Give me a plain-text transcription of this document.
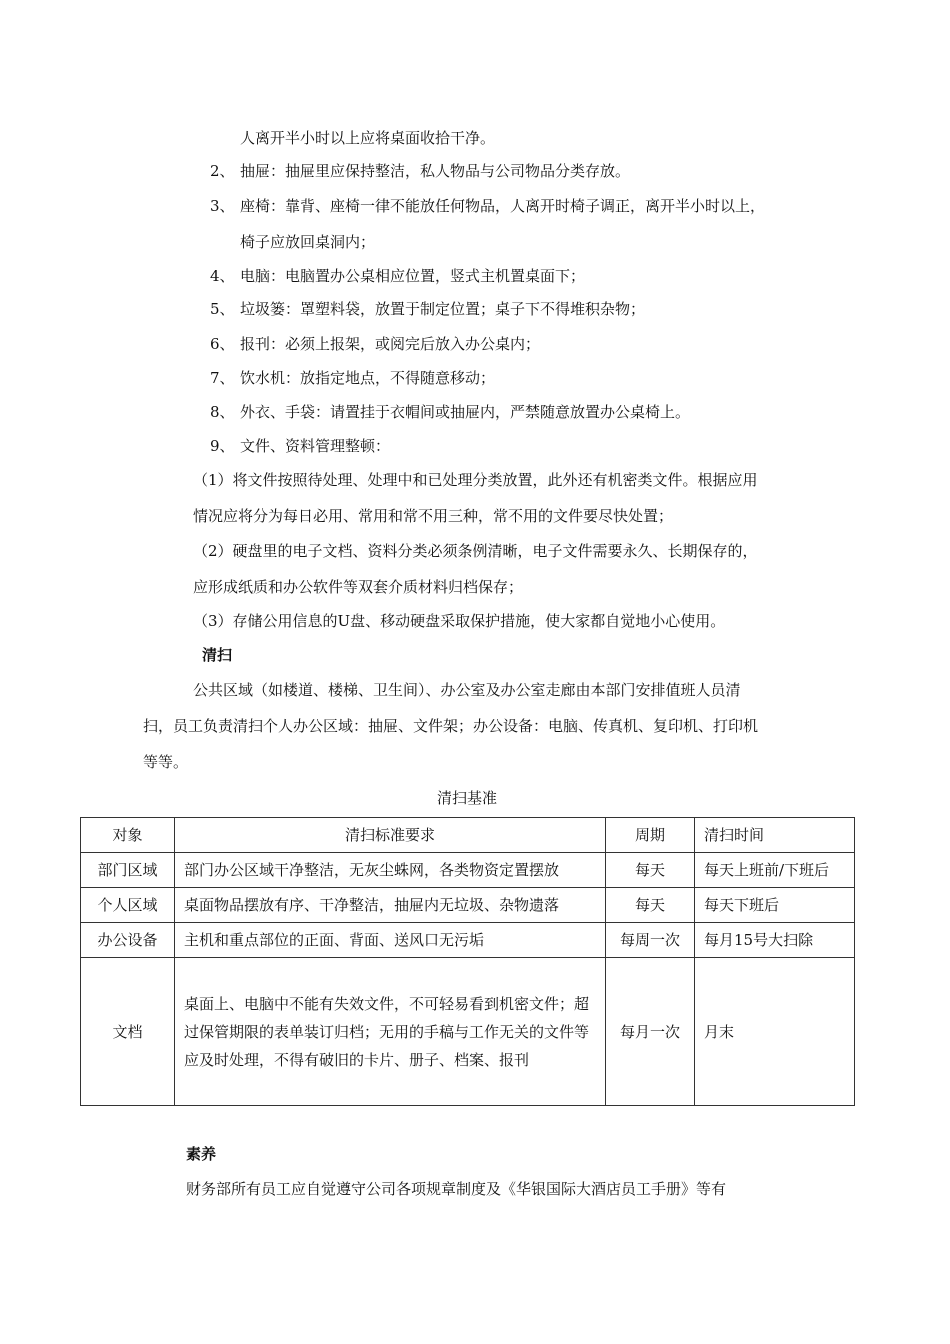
人离开半小时以上应将桌面收拾干净。
2、 抽屉：抽屉里应保持整洁，私人物品与公司物品分类存放。
3、 座椅：靠背、座椅一律不能放任何物品，人离开时椅子调正，离开半小时以上，
椅子应放回桌洞内；
4、 电脑：电脑置办公桌相应位置，竖式主机置桌面下；
5、 垃圾篓：罩塑料袋，放置于制定位置；桌子下不得堆积杂物；
6、 报刊：必须上报架，或阅完后放入办公桌内；
7、 饮水机：放指定地点，不得随意移动；
8、 外衣、手袋：请置挂于衣帽间或抽屉内，严禁随意放置办公桌椅上。
9、 文件、资料管理整顿：
（1）将文件按照待处理、处理中和已处理分类放置，此外还有机密类文件。根据应用
情况应将分为每日必用、常用和常不用三种，常不用的文件要尽快处置；
（2）硬盘里的电子文档、资料分类必须条例清晰，电子文件需要永久、长期保存的，
应形成纸质和办公软件等双套介质材料归档保存；
（3）存储公用信息的U盘、移动硬盘采取保护措施，使大家都自觉地小心使用。
清扫
公共区域（如楼道、楼梯、卫生间）、办公室及办公室走廊由本部门安排值班人员清
扫，员工负责清扫个人办公区域：抽屉、文件架；办公设备：电脑、传真机、复印机、打印机
等等。
清扫基准
对象	清扫标准要求	周期	清扫时间
部门区域	部门办公区域干净整洁，无灰尘蛛网，各类物资定置摆放	每天	每天上班前/下班后
个人区域	桌面物品摆放有序、干净整洁，抽屉内无垃圾、杂物遗落	每天	每天下班后
办公设备	主机和重点部位的正面、背面、送风口无污垢	每周一次	每月15号大扫除
文档	桌面上、电脑中不能有失效文件，不可轻易看到机密文件；超过保管期限的表单装订归档；无用的手稿与工作无关的文件等应及时处理，不得有破旧的卡片、册子、档案、报刊	每月一次	月末
素养
财务部所有员工应自觉遵守公司各项规章制度及《华银国际大酒店员工手册》等有
